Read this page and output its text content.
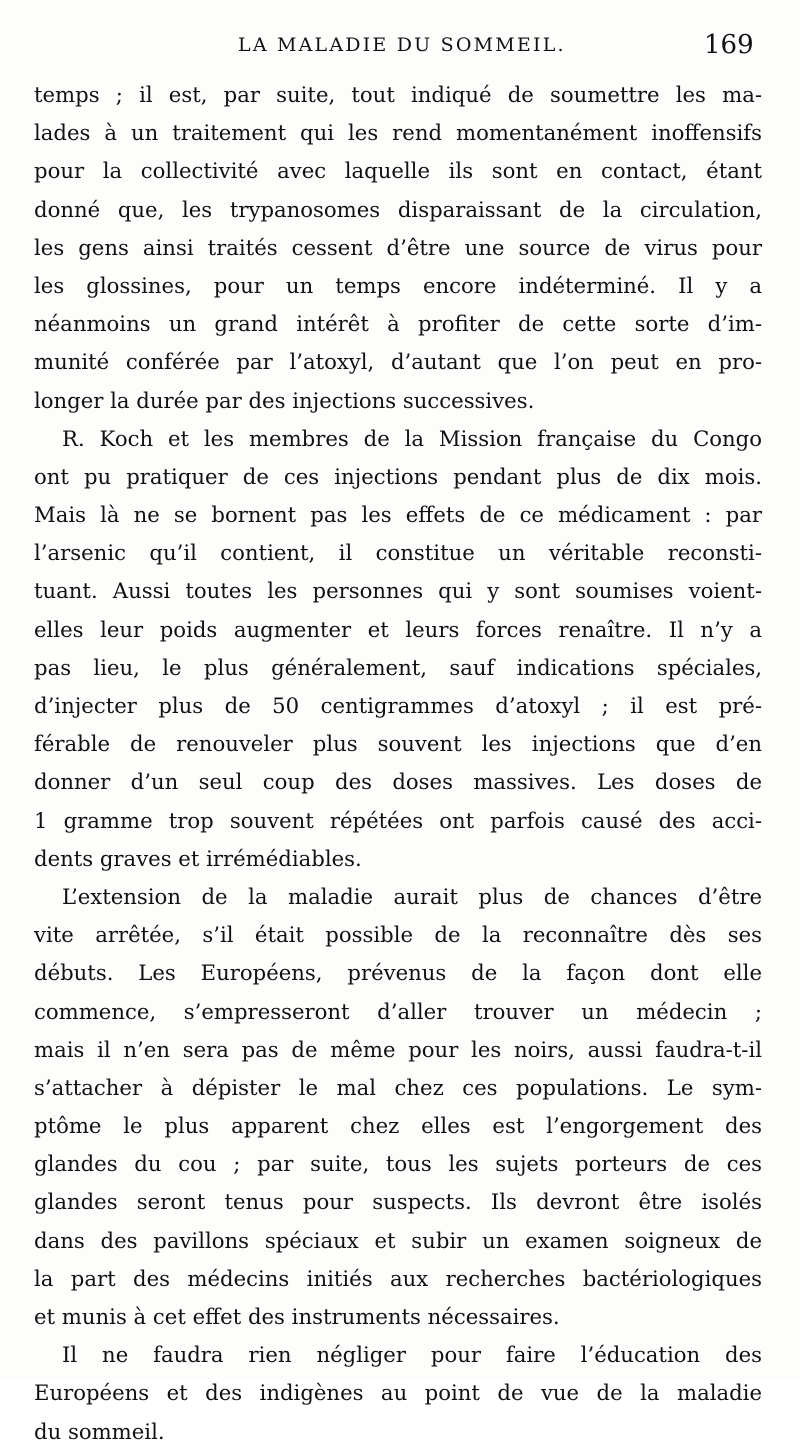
LA MALADIE DU SOMMEIL.	169
temps ; il est, par suite, tout indiqué de soumettre les ma-
lades à un traitement qui les rend momentanément inoffensifs
pour la collectivité avec laquelle ils sont en contact, étant
donné que, les trypanosomes disparaissant de la circulation,
les gens ainsi traités cessent d’être une source de virus pour
les glossines, pour un temps encore indéterminé. Il y a
néanmoins un grand intérêt à profiter de cette sorte d’im-
munité conférée par l’atoxyl, d’autant que l’on peut en pro-
longer la durée par des injections successives.
R. Koch et les membres de la Mission française du Congo
ont pu pratiquer de ces injections pendant plus de dix mois.
Mais là ne se bornent pas les effets de ce médicament : par
l’arsenic qu’il contient, il constitue un véritable reconsti-
tuant. Aussi toutes les personnes qui y sont soumises voient-
elles leur poids augmenter et leurs forces renaître. Il n’y a
pas lieu, le plus généralement, sauf indications spéciales,
d’injecter plus de 50 centigrammes d’atoxyl ; il est pré-
férable de renouveler plus souvent les injections que d’en
donner d’un seul coup des doses massives. Les doses de
1 gramme trop souvent répétées ont parfois causé des acci-
dents graves et irrémédiables.
L’extension de la maladie aurait plus de chances d’être
vite arrêtée, s’il était possible de la reconnaître dès ses
débuts. Les Européens, prévenus de la façon dont elle
commence, s’empresseront d’aller trouver un médecin ;
mais il n’en sera pas de même pour les noirs, aussi faudra-t-il
s’attacher à dépister le mal chez ces populations. Le sym-
ptôme le plus apparent chez elles est l’engorgement des
glandes du cou ; par suite, tous les sujets porteurs de ces
glandes seront tenus pour suspects. Ils devront être isolés
dans des pavillons spéciaux et subir un examen soigneux de
la part des médecins initiés aux recherches bactériologiques
et munis à cet effet des instruments nécessaires.
Il ne faudra rien négliger pour faire l’éducation des
Européens et des indigènes au point de vue de la maladie
du sommeil.
